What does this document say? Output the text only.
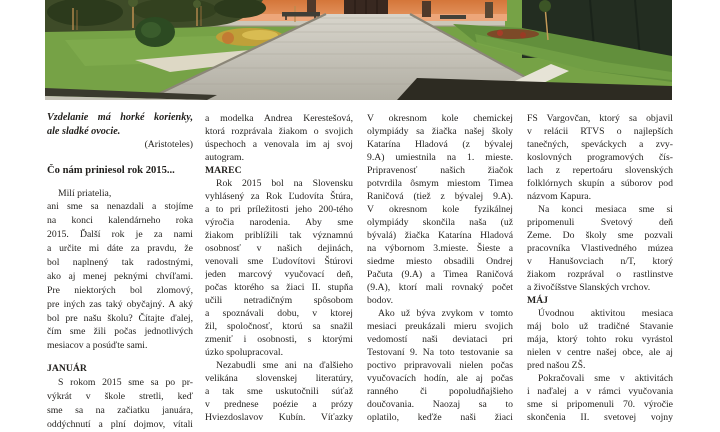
Vzdelanie má horké korienky,
ale sladké ovocie.
(Aristoteles)
Čo nám priniesol rok 2015...
Milí priatelia,
ani sme sa nenazdali a stojíme
na konci kalendárneho roka
2015. Ďalší rok je za nami
a určite mi dáte za pravdu, že
bol naplnený tak radostnými,
ako aj menej peknými chvíľami.
Pre niektorých bol zlomový,
pre iných zas taký obyčajný. A aký
bol pre našu školu? Čítajte ďalej,
čím sme žili počas jednotlivých
mesiacov a posúďte sami.
JANUÁR
S rokom 2015 sme sa po pr-
výkrát v škole stretli, keď
sme sa na začiatku januára,
oddýchnutí a plní dojmov, vítali
a modelka Andrea Kerestešová,
ktorá rozprávala žiakom o svojich
úspechoch a venovala im aj svoj
autogram.
MAREC
Rok 2015 bol na Slovensku
vyhlásený za Rok Ľudovíta Štúra,
a to pri príležitosti jeho 200-tého
výročia narodenia. Aby sme
žiakom priblížili tak významnú
osobnosť v našich dejinách,
venovali sme Ľudovítovi Štúrovi
jeden marcový vyučovací deň,
počas ktorého sa žiaci II. stupňa
učili netradičným spôsobom
a spoznávali dobu, v ktorej
žil, spoločnosť, ktorú sa snažil
zmeniť i osobnosti, s ktorými
úzko spolupracoval.
Nezabudli sme ani na ďalšieho
velikána slovenskej literatúry,
a tak sme uskutočnili súťaž
v prednese poézie a prózy
Hviezdoslavov Kubín. Víťazky
V okresnom kole chemickej
olympiády sa žiačka našej školy
Katarína Hladová (z bývalej
9.A) umiestnila na 1. mieste.
Pripravenosť našich žiačok
potvrdila ôsmym miestom Timea
Raničová (tiež z bývalej 9.A).
V okresnom kole fyzikálnej
olympiády skončila naša (už
bývalá) žiačka Katarína Hladová
na výbornom 3.mieste. Šieste a
siedme miesto obsadili Ondrej
Pačuta (9.A) a Timea Raničová
(9.A), ktorí mali rovnaký počet
bodov.
Ako už býva zvykom v tomto
mesiaci preukázali mieru svojich
vedomostí naši deviataci pri
Testovaní 9. Na toto testovanie sa
poctivo pripravovali nielen počas
vyučovacích hodín, ale aj počas
ranného či popoludňajšieho
doučovania. Naozaj sa to
oplatilo, keďže naši žiaci
FS Vargovčan, ktorý sa objavil
v relácii RTVS o najlepších
tanečných, speváckych a zvy-
koslovných programových čís-
lach z repertoáru slovenských
folklórnych skupín a súborov pod
názvom Kapura.
Na konci mesiaca sme si
pripomenuli Svetový deň
Zeme. Do školy sme pozvali
pracovníka Vlastivedného múzea
v Hanušovciach n/T, ktorý
žiakom rozprával o rastlinstve
a živočíšstve Slanských vrchov.
MÁJ
Úvodnou aktivitou mesiaca
máj bolo už tradičné Stavanie
mája, ktorý tohto roku vyrástol
nielen v centre našej obce, ale aj
pred našou ZŠ.
Pokračovali sme v aktivitách
i naďalej a v rámci vyučovania
sme si pripomenuli 70. výročie
skončenia II. svetovej vojny
